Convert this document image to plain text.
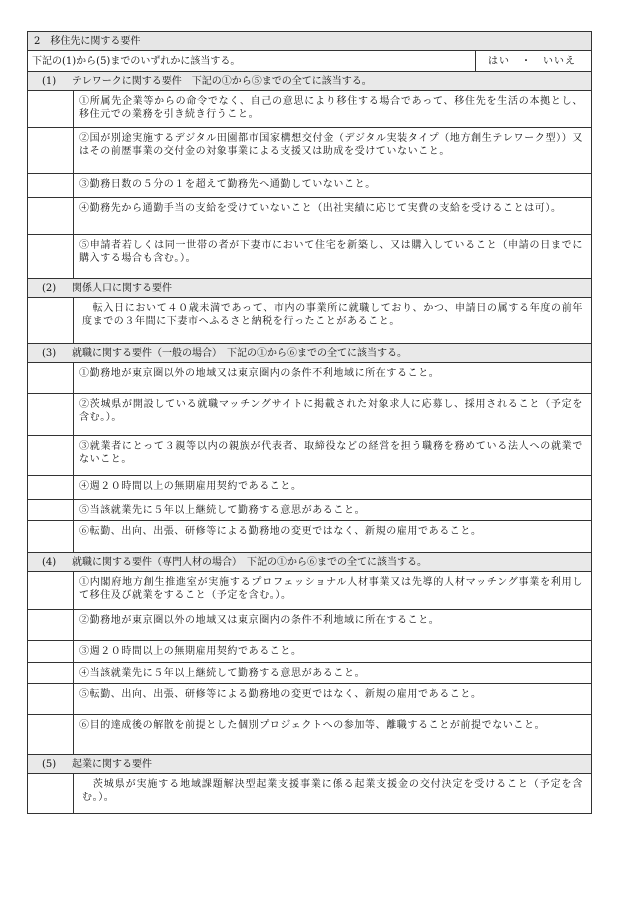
2　移住先に関する要件
下記の(1)から(5)までのいずれかに該当する。	はい　・　いいえ
(1) テレワークに関する要件　下記の①から⑤までの全てに該当する。
①所属先企業等からの命令でなく、自己の意思により移住する場合であって、移住先を生活の本拠とし、移住元での業務を引き続き行うこと。
②国が別途実施するデジタル田園都市国家構想交付金（デジタル実装タイプ（地方創生テレワーク型））又はその前歴事業の交付金の対象事業による支援又は助成を受けていないこと。
③勤務日数の５分の１を超えて勤務先へ通勤していないこと。
④勤務先から通勤手当の支給を受けていないこと（出社実績に応じて実費の支給を受けることは可）。
⑤申請者若しくは同一世帯の者が下妻市において住宅を新築し、又は購入していること（申請の日までに購入する場合も含む。）。
(2) 関係人口に関する要件
　転入日において４０歳未満であって、市内の事業所に就職しており、かつ、申請日の属する年度の前年度までの３年間に下妻市へふるさと納税を行ったことがあること。
(3) 就職に関する要件（一般の場合）　下記の①から⑥までの全てに該当する。
①勤務地が東京圏以外の地域又は東京圏内の条件不利地域に所在すること。
②茨城県が開設している就職マッチングサイトに掲載された対象求人に応募し、採用されること（予定を含む。）。
③就業者にとって３親等以内の親族が代表者、取締役などの経営を担う職務を務めている法人への就業でないこと。
④週２０時間以上の無期雇用契約であること。
⑤当該就業先に５年以上継続して勤務する意思があること。
⑥転勤、出向、出張、研修等による勤務地の変更ではなく、新規の雇用であること。
(4) 就職に関する要件（専門人材の場合）　下記の①から⑥までの全てに該当する。
①内閣府地方創生推進室が実施するプロフェッショナル人材事業又は先導的人材マッチング事業を利用して移住及び就業をすること（予定を含む。）。
②勤務地が東京圏以外の地域又は東京圏内の条件不利地域に所在すること。
③週２０時間以上の無期雇用契約であること。
④当該就業先に５年以上継続して勤務する意思があること。
⑤転勤、出向、出張、研修等による勤務地の変更ではなく、新規の雇用であること。
⑥目的達成後の解散を前提とした個別プロジェクトへの参加等、離職することが前提でないこと。
(5) 起業に関する要件
　茨城県が実施する地域課題解決型起業支援事業に係る起業支援金の交付決定を受けること（予定を含む。）。
